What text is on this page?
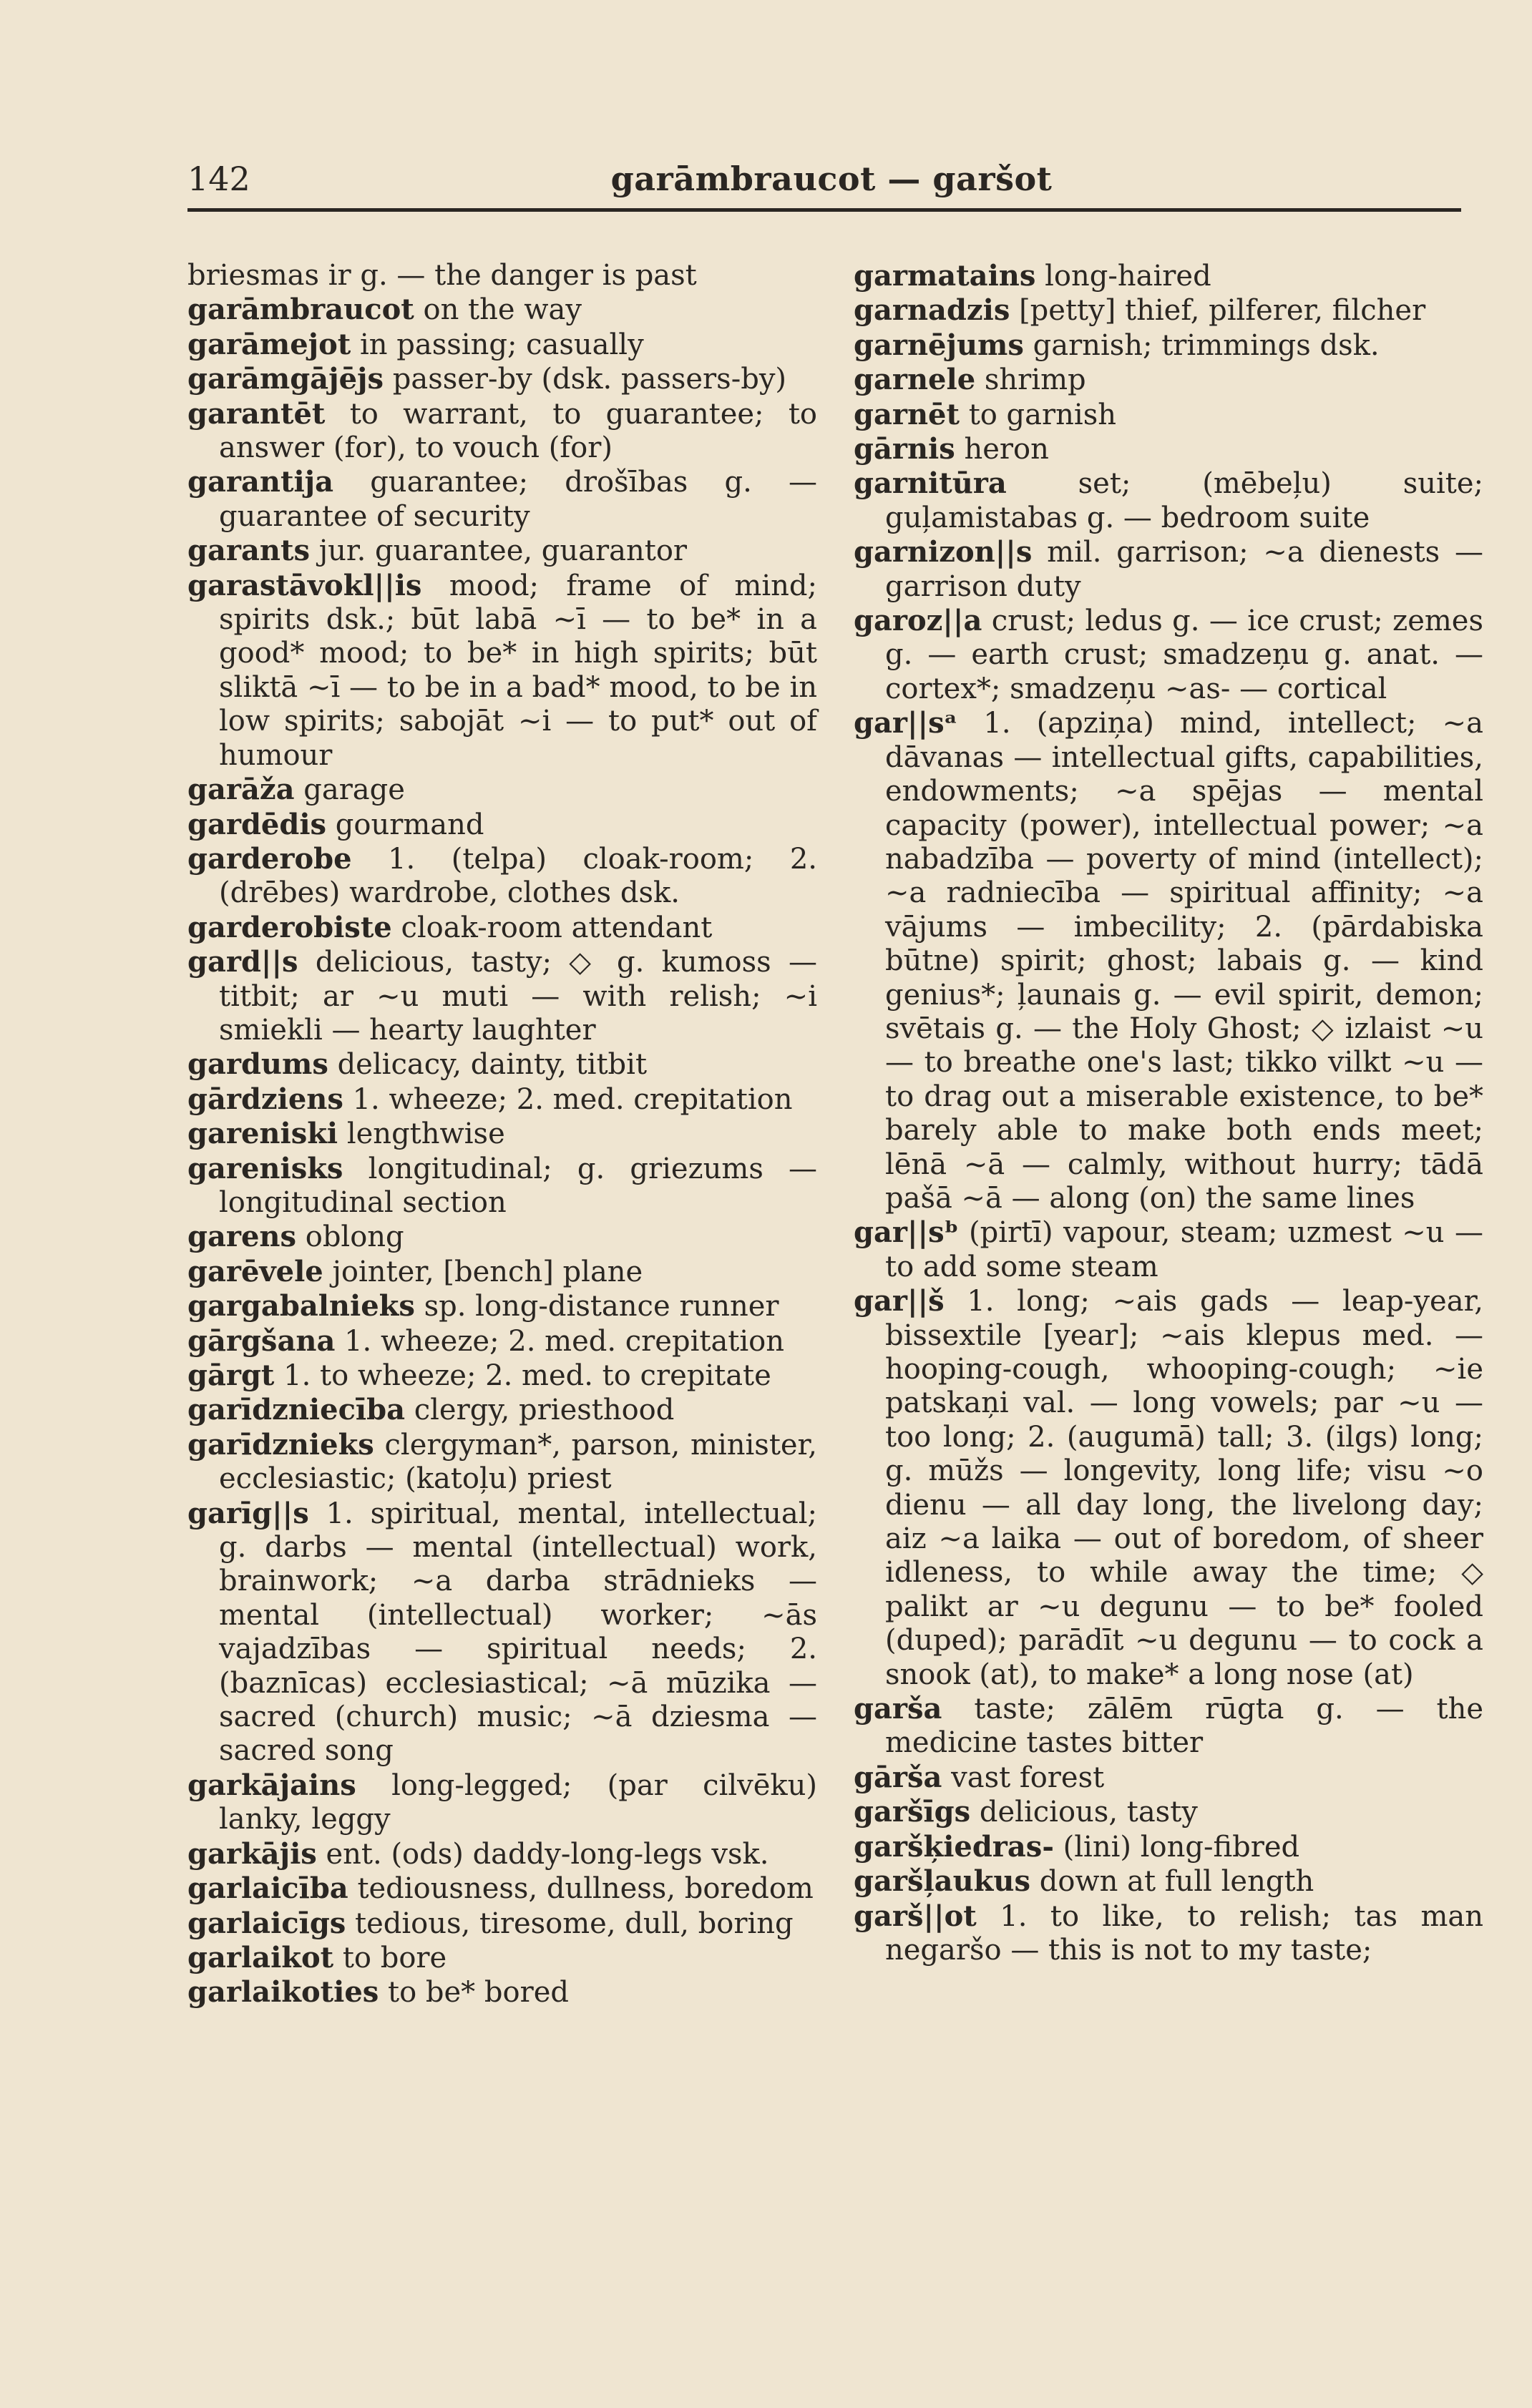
142	garāmbraucot — garšot
briesmas ir g. — the danger is past
garāmbraucot on the way
garāmejot in passing; casually
garāmgājējs passer-by (dsk. passers-by)
garantēt to warrant, to guarantee; to answer (for), to vouch (for)
garantija guarantee; drošības g. — guarantee of security
garants jur. guarantee, guarantor
garastāvokl||is mood; frame of mind; spirits dsk.; būt labā ~ī — to be* in a good* mood; to be* in high spirits; būt sliktā ~ī — to be in a bad* mood, to be in low spirits; sabojāt ~i — to put* out of humour
garāža garage
gardēdis gourmand
garderobe 1. (telpa) cloak-room; 2. (drēbes) wardrobe, clothes dsk.
garderobiste cloak-room attendant
gard||s delicious, tasty; ◇ g. kumoss — titbit; ar ~u muti — with relish; ~i smiekli — hearty laughter
gardums delicacy, dainty, titbit
gārdziens 1. wheeze; 2. med. crepitation
gareniski lengthwise
garenisks longitudinal; g. griezums — longitudinal section
garens oblong
garēvele jointer, [bench] plane
gargabalnieks sp. long-distance runner
gārgšana 1. wheeze; 2. med. crepitation
gārgt 1. to wheeze; 2. med. to crepitate
garīdzniecība clergy, priesthood
garīdznieks clergyman*, parson, minister, ecclesiastic; (katoļu) priest
garīg||s 1. spiritual, mental, intellectual; g. darbs — mental (intellectual) work, brainwork; ~a darba strādnieks — mental (intellectual) worker; ~ās vajadzības — spiritual needs; 2. (baznīcas) ecclesiastical; ~ā mūzika — sacred (church) music; ~ā dziesma — sacred song
garkājains long-legged; (par cilvēku) lanky, leggy
garkājis ent. (ods) daddy-long-legs vsk.
garlaicība tediousness, dullness, boredom
garlaicīgs tedious, tiresome, dull, boring
garlaikot to bore
garlaikoties to be* bored
garmatains long-haired
garnadzis [petty] thief, pilferer, filcher
garnējums garnish; trimmings dsk.
garnele shrimp
garnēt to garnish
gārnis heron
garnitūra set; (mēbeļu) suite; guļamistabas g. — bedroom suite
garnizon||s mil. garrison; ~a dienests — garrison duty
garoz||a crust; ledus g. — ice crust; zemes g. — earth crust; smadzeņu g. anat. — cortex*; smadzeņu ~as- — cortical
gar||sᵃ 1. (apziņa) mind, intellect; ~a dāvanas — intellectual gifts, capabilities, endowments; ~a spējas — mental capacity (power), intellectual power; ~a nabadzība — poverty of mind (intellect); ~a radniecība — spiritual affinity; ~a vājums — imbecility; 2. (pārdabiska būtne) spirit; ghost; labais g. — kind genius*; ļaunais g. — evil spirit, demon; svētais g. — the Holy Ghost; ◇ izlaist ~u — to breathe one's last; tikko vilkt ~u — to drag out a miserable existence, to be* barely able to make both ends meet; lēnā ~ā — calmly, without hurry; tādā pašā ~ā — along (on) the same lines
gar||sᵇ (pirtī) vapour, steam; uzmest ~u — to add some steam
gar||š 1. long; ~ais gads — leap-year, bissextile [year]; ~ais klepus med. — hooping-cough, whooping-cough; ~ie patskaņi val. — long vowels; par ~u — too long; 2. (augumā) tall; 3. (ilgs) long; g. mūžs — longevity, long life; visu ~o dienu — all day long, the livelong day; aiz ~a laika — out of boredom, of sheer idleness, to while away the time; ◇ palikt ar ~u degunu — to be* fooled (duped); parādīt ~u degunu — to cock a snook (at), to make* a long nose (at)
garša taste; zālēm rūgta g. — the medicine tastes bitter
gārša vast forest
garšīgs delicious, tasty
garšķiedras- (lini) long-fibred
garšļaukus down at full length
garš||ot 1. to like, to relish; tas man negaršo — this is not to my taste;
